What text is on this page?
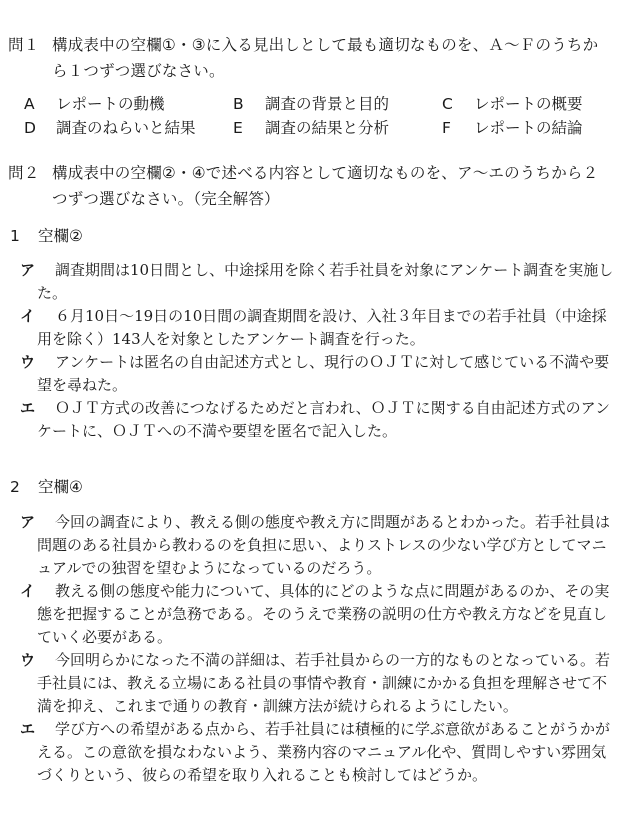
問１ 構成表中の空欄①・③に入る見出しとして最も適切なものを、Ａ～Ｆのうちか
ら１つずつ選びなさい。
A	レポートの動機	B	調査の背景と目的	C	レポートの概要
D	調査のねらいと結果 E	調査の結果と分析	F	レポートの結論
問２ 構成表中の空欄②・④で述べる内容として適切なものを、ア～エのうちから２
つずつ選びなさい。（完全解答）
1 空欄②
ア	調査期間は10日間とし、中途採用を除く若手社員を対象にアンケート調査を実施した。
イ	６月10日～19日の10日間の調査期間を設け、入社３年目までの若手社員（中途採用を除く）143人を対象としたアンケート調査を行った。
ウ	アンケートは匿名の自由記述方式とし、現行のＯＪＴに対して感じている不満や要望を尋ねた。
エ	ＯＪＴ方式の改善につなげるためだと言われ、ＯＪＴに関する自由記述方式のアンケートに、ＯＪＴへの不満や要望を匿名で記入した。
2 空欄④
ア	今回の調査により、教える側の態度や教え方に問題があるとわかった。若手社員は問題のある社員から教わるのを負担に思い、よりストレスの少ない学び方としてマニュアルでの独習を望むようになっているのだろう。
イ	教える側の態度や能力について、具体的にどのような点に問題があるのか、その実態を把握することが急務である。そのうえで業務の説明の仕方や教え方などを見直していく必要がある。
ウ	今回明らかになった不満の詳細は、若手社員からの一方的なものとなっている。若手社員には、教える立場にある社員の事情や教育・訓練にかかる負担を理解させて不満を抑え、これまで通りの教育・訓練方法が続けられるようにしたい。
エ	学び方への希望がある点から、若手社員には積極的に学ぶ意欲があることがうかがえる。この意欲を損なわないよう、業務内容のマニュアル化や、質問しやすい雰囲気づくりという、彼らの希望を取り入れることも検討してはどうか。
